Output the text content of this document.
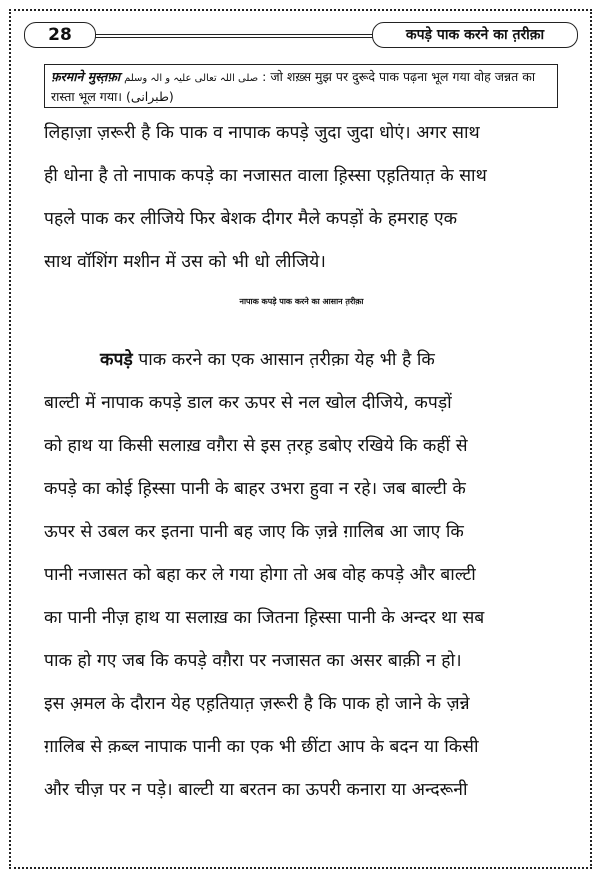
28	कपड़े पाक करने का त़रीक़ा
फ़रमाने मुस्त़फ़ा صلی اللہ تعالی علیہ و الہ وسلم : जो शख़्स मुझ पर दुरूदे पाक पढ़ना भूल गया वोह जन्नत का
रास्ता भूल गया। (طبرانی)
लिहाज़ा ज़रूरी है कि पाक व नापाक कपड़े जुदा जुदा धोएं। अगर साथ
ही धोना है तो नापाक कपड़े का नजासत वाला ह़िस्सा एह़तियात़ के साथ
पहले पाक कर लीजिये फिर बेशक दीगर मैले कपड़ों के हमराह एक
साथ वॉशिंग मशीन में उस को भी धो लीजिये।
नापाक कपड़े पाक करने का आसान त़रीक़ा
कपड़े पाक करने का एक आसान त़रीक़ा येह भी है कि
बाल्टी में नापाक कपड़े डाल कर ऊपर से नल खोल दीजिये, कपड़ों
को हाथ या किसी सलाख़ वग़ैरा से इस त़रह़ डबोए रखिये कि कहीं से
कपड़े का कोई ह़िस्सा पानी के बाहर उभरा हुवा न रहे। जब बाल्टी के
ऊपर से उबल कर इतना पानी बह जाए कि ज़न्ने ग़ालिब आ जाए कि
पानी नजासत को बहा कर ले गया होगा तो अब वोह कपड़े और बाल्टी
का पानी नीज़ हाथ या सलाख़ का जितना ह़िस्सा पानी के अन्दर था सब
पाक हो गए जब कि कपड़े वग़ैरा पर नजासत का असर बाक़ी न हो।
इस अ़मल के दौरान येह एह़तियात़ ज़रूरी है कि पाक हो जाने के ज़न्ने
ग़ालिब से क़ब्ल नापाक पानी का एक भी छींटा आप के बदन या किसी
और चीज़ पर न पड़े। बाल्टी या बरतन का ऊपरी कनारा या अन्दरूनी
